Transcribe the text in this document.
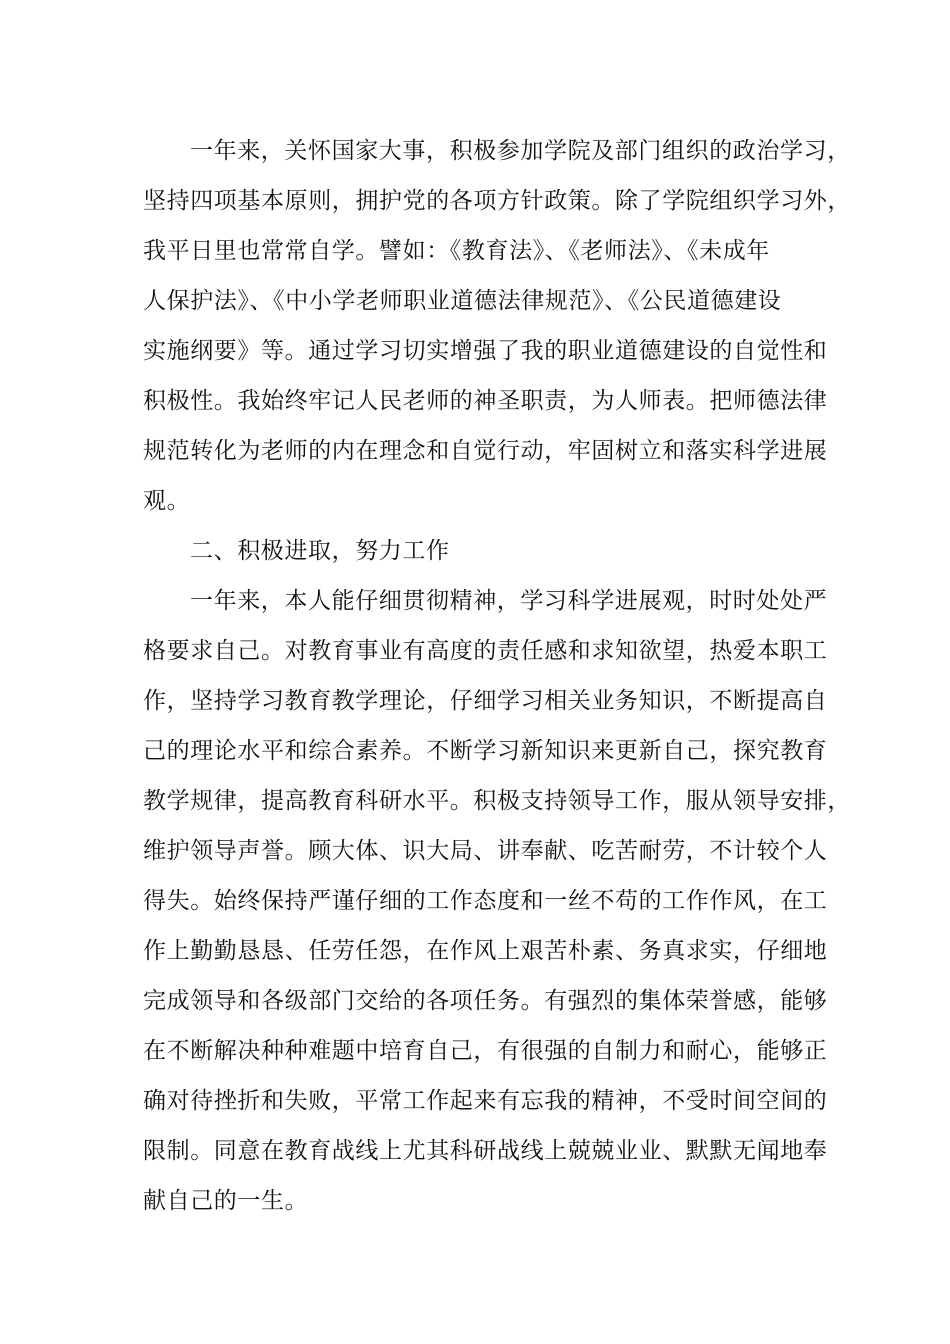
一年来，关怀国家大事，积极参加学院及部门组织的政治学习，
坚持四项基本原则，拥护党的各项方针政策。除了学院组织学习外，
我平日里也常常自学。譬如：《教育法》、《老师法》、《未成年
人保护法》、《中小学老师职业道德法律规范》、《公民道德建设
实施纲要》等。通过学习切实增强了我的职业道德建设的自觉性和
积极性。我始终牢记人民老师的神圣职责，为人师表。把师德法律
规范转化为老师的内在理念和自觉行动，牢固树立和落实科学进展
观。
二、积极进取，努力工作
一年来，本人能仔细贯彻精神，学习科学进展观，时时处处严
格要求自己。对教育事业有高度的责任感和求知欲望，热爱本职工
作，坚持学习教育教学理论，仔细学习相关业务知识，不断提高自
己的理论水平和综合素养。不断学习新知识来更新自己，探究教育
教学规律，提高教育科研水平。积极支持领导工作，服从领导安排，
维护领导声誉。顾大体、识大局、讲奉献、吃苦耐劳，不计较个人
得失。始终保持严谨仔细的工作态度和一丝不苟的工作作风，在工
作上勤勤恳恳、任劳任怨，在作风上艰苦朴素、务真求实，仔细地
完成领导和各级部门交给的各项任务。有强烈的集体荣誉感，能够
在不断解决种种难题中培育自己，有很强的自制力和耐心，能够正
确对待挫折和失败，平常工作起来有忘我的精神，不受时间空间的
限制。同意在教育战线上尤其科研战线上兢兢业业、默默无闻地奉
献自己的一生。
